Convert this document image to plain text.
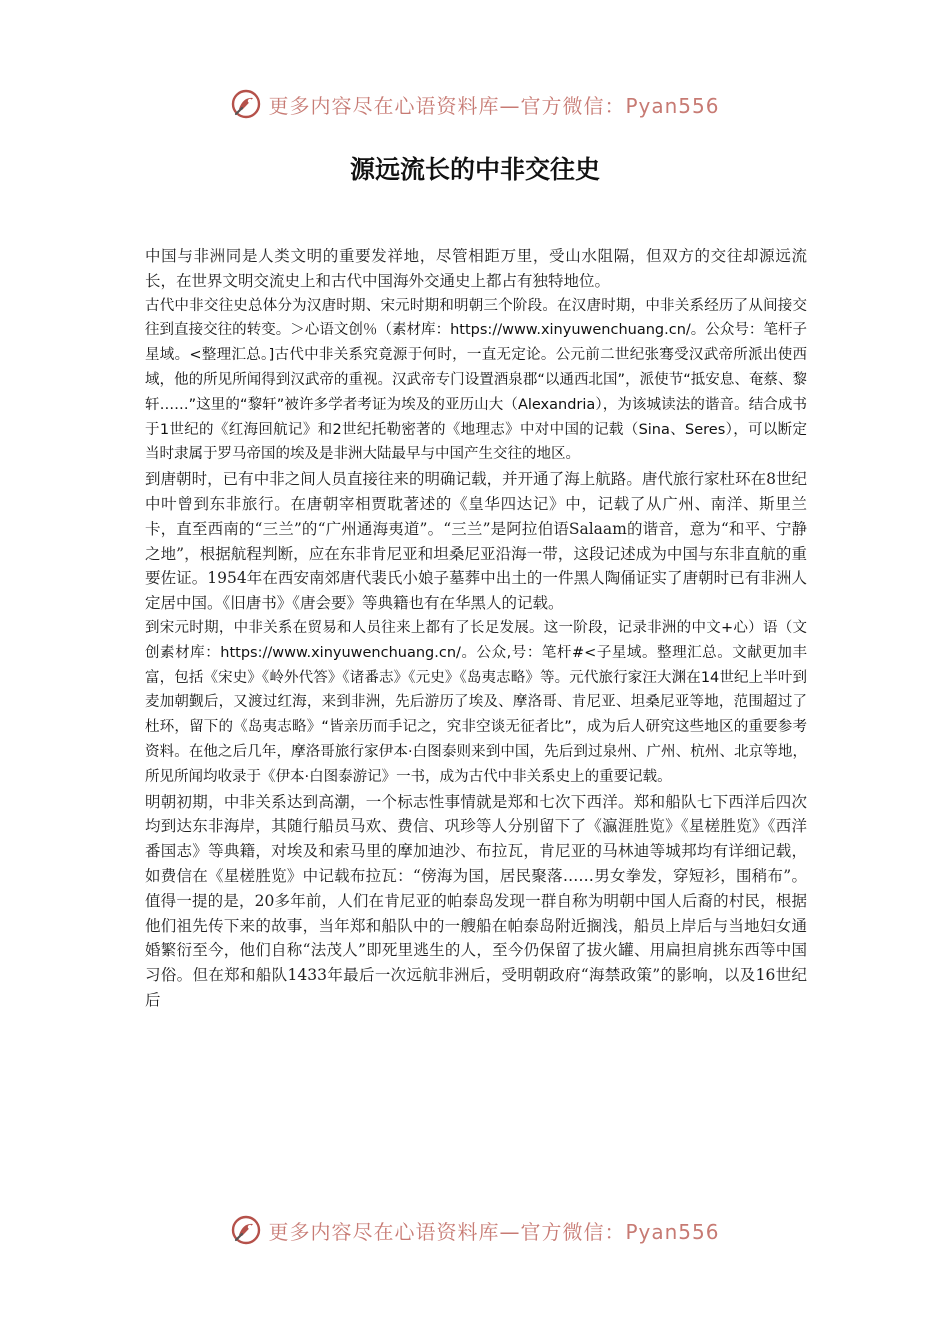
更多内容尽在心语资料库—官方微信：Pyan556
源远流长的中非交往史

中国与非洲同是人类文明的重要发祥地，尽管相距万里，受山水阻隔，但双方的交往却源远流长，在世界文明交流史上和古代中国海外交通史上都占有独特地位。

古代中非交往史总体分为汉唐时期、宋元时期和明朝三个阶段。在汉唐时期，中非关系经历了从间接交往到直接交往的转变。＞心语文创％（素材库：https://www.xinyuwenchuang.cn/。公众号：笔杆子星域。<整理汇总。]古代中非关系究竟源于何时，一直无定论。公元前二世纪张骞受汉武帝所派出使西域，他的所见所闻得到汉武帝的重视。汉武帝专门设置酒泉郡“以通西北国”，派使节“抵安息、奄蔡、黎轩……”这里的“黎轩”被许多学者考证为埃及的亚历山大（Alexandria），为该城读法的谐音。结合成书于1世纪的《红海回航记》和2世纪托勒密著的《地理志》中对中国的记载（Sina、Seres），可以断定当时隶属于罗马帝国的埃及是非洲大陆最早与中国产生交往的地区。

到唐朝时，已有中非之间人员直接往来的明确记载，并开通了海上航路。唐代旅行家杜环在8世纪中叶曾到东非旅行。在唐朝宰相贾耽著述的《皇华四达记》中，记载了从广州、南洋、斯里兰卡，直至西南的“三兰”的“广州通海夷道”。“三兰”是阿拉伯语Salaam的谐音，意为“和平、宁静之地”，根据航程判断，应在东非肯尼亚和坦桑尼亚沿海一带，这段记述成为中国与东非直航的重要佐证。1954年在西安南郊唐代裴氏小娘子墓葬中出土的一件黑人陶俑证实了唐朝时已有非洲人定居中国。《旧唐书》《唐会要》等典籍也有在华黑人的记载。

到宋元时期，中非关系在贸易和人员往来上都有了长足发展。这一阶段，记录非洲的中文+心）语（文创素材库：https://www.xinyuwenchuang.cn/。公众,号：笔杆#<子星域。整理汇总。文献更加丰富，包括《宋史》《岭外代答》《诸番志》《元史》《岛夷志略》等。元代旅行家汪大渊在14世纪上半叶到麦加朝觐后，又渡过红海，来到非洲，先后游历了埃及、摩洛哥、肯尼亚、坦桑尼亚等地，范围超过了杜环，留下的《岛夷志略》“皆亲历而手记之，究非空谈无征者比”，成为后人研究这些地区的重要参考资料。在他之后几年，摩洛哥旅行家伊本·白图泰则来到中国，先后到过泉州、广州、杭州、北京等地，所见所闻均收录于《伊本·白图泰游记》一书，成为古代中非关系史上的重要记载。

明朝初期，中非关系达到高潮，一个标志性事情就是郑和七次下西洋。郑和船队七下西洋后四次均到达东非海岸，其随行船员马欢、费信、巩珍等人分别留下了《瀛涯胜览》《星槎胜览》《西洋番国志》等典籍，对埃及和索马里的摩加迪沙、布拉瓦，肯尼亚的马林迪等城邦均有详细记载，如费信在《星槎胜览》中记载布拉瓦：“傍海为国，居民聚落……男女拳发，穿短衫，围稍布”。值得一提的是，20多年前，人们在肯尼亚的帕泰岛发现一群自称为明朝中国人后裔的村民，根据他们祖先传下来的故事，当年郑和船队中的一艘船在帕泰岛附近搁浅，船员上岸后与当地妇女通婚繁衍至今，他们自称“法茂人”即死里逃生的人，至今仍保留了拔火罐、用扁担肩挑东西等中国习俗。但在郑和船队1433年最后一次远航非洲后，受明朝政府“海禁政策”的影响，以及16世纪后

更多内容尽在心语资料库—官方微信：Pyan556
